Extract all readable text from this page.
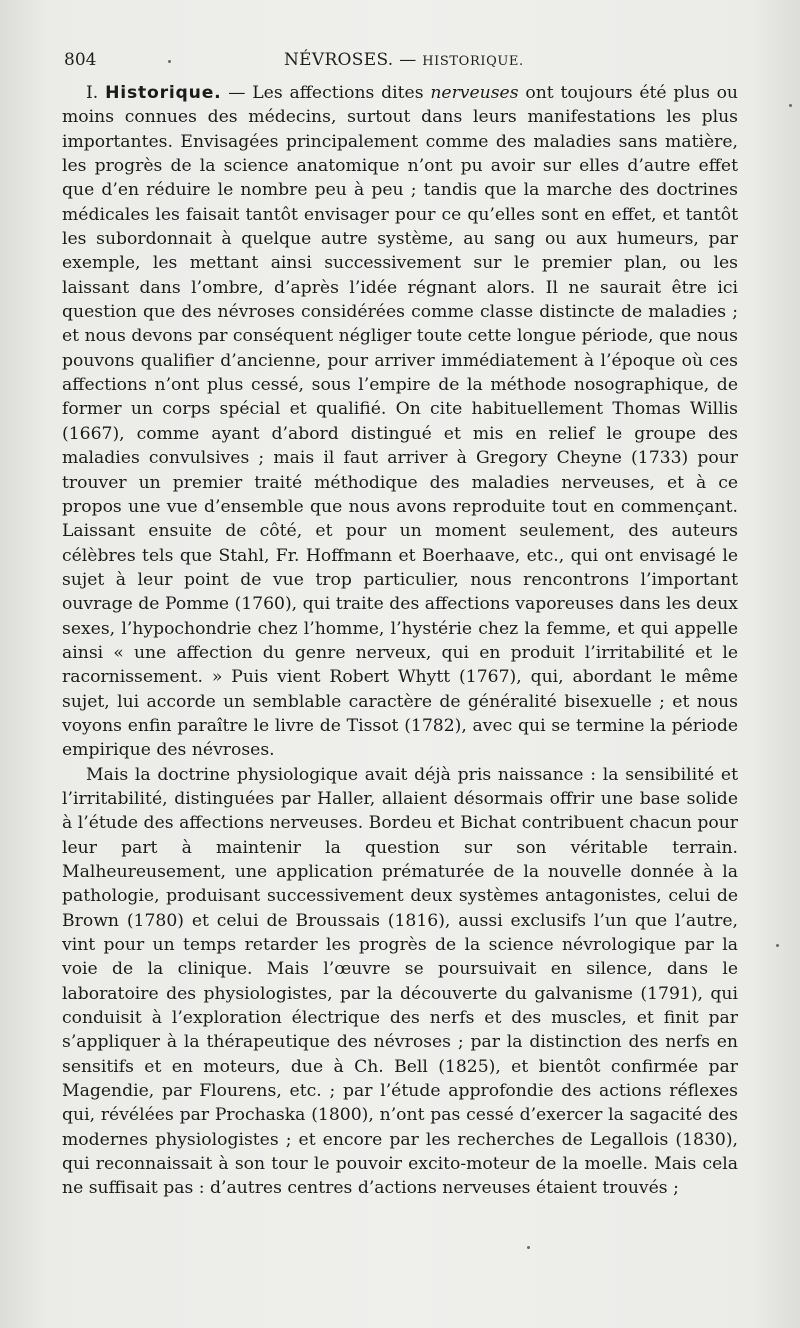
804	NÉVROSES. — HISTORIQUE.

I. Historique. — Les affections dites nerveuses ont toujours été plus ou moins connues des médecins, surtout dans leurs manifestations les plus importantes. Envisagées principalement comme des maladies sans matière, les progrès de la science anatomique n’ont pu avoir sur elles d’autre effet que d’en réduire le nombre peu à peu ; tandis que la marche des doctrines médicales les faisait tantôt envisager pour ce qu’elles sont en effet, et tantôt les subordonnait à quelque autre système, au sang ou aux humeurs, par exemple, les mettant ainsi successivement sur le premier plan, ou les laissant dans l’ombre, d’après l’idée régnant alors. Il ne saurait être ici question que des névroses considérées comme classe distincte de maladies ; et nous devons par conséquent négliger toute cette longue période, que nous pouvons qualifier d’ancienne, pour arriver immédiatement à l’époque où ces affections n’ont plus cessé, sous l’empire de la méthode nosographique, de former un corps spécial et qualifié. On cite habituellement Thomas Willis (1667), comme ayant d’abord distingué et mis en relief le groupe des maladies convulsives ; mais il faut arriver à Gregory Cheyne (1733) pour trouver un premier traité méthodique des maladies nerveuses, et à ce propos une vue d’ensemble que nous avons reproduite tout en commençant. Laissant ensuite de côté, et pour un moment seulement, des auteurs célèbres tels que Stahl, Fr. Hoffmann et Boerhaave, etc., qui ont envisagé le sujet à leur point de vue trop particulier, nous rencontrons l’important ouvrage de Pomme (1760), qui traite des affections vaporeuses dans les deux sexes, l’hypochondrie chez l’homme, l’hystérie chez la femme, et qui appelle ainsi « une affection du genre nerveux, qui en produit l’irritabilité et le racornissement. » Puis vient Robert Whytt (1767), qui, abordant le même sujet, lui accorde un semblable caractère de généralité bisexuelle ; et nous voyons enfin paraître le livre de Tissot (1782), avec qui se termine la période empirique des névroses.

Mais la doctrine physiologique avait déjà pris naissance : la sensibilité et l’irritabilité, distinguées par Haller, allaient désormais offrir une base solide à l’étude des affections nerveuses. Bordeu et Bichat contribuent chacun pour leur part à maintenir la question sur son véritable terrain. Malheureusement, une application prématurée de la nouvelle donnée à la pathologie, produisant successivement deux systèmes antagonistes, celui de Brown (1780) et celui de Broussais (1816), aussi exclusifs l’un que l’autre, vint pour un temps retarder les progrès de la science névrologique par la voie de la clinique. Mais l’œuvre se poursuivait en silence, dans le laboratoire des physiologistes, par la découverte du galvanisme (1791), qui conduisit à l’exploration électrique des nerfs et des muscles, et finit par s’appliquer à la thérapeutique des névroses ; par la distinction des nerfs en sensitifs et en moteurs, due à Ch. Bell (1825), et bientôt confirmée par Magendie, par Flourens, etc. ; par l’étude approfondie des actions réflexes qui, révélées par Prochaska (1800), n’ont pas cessé d’exercer la sagacité des modernes physiologistes ; et encore par les recherches de Legallois (1830), qui reconnaissait à son tour le pouvoir excito-moteur de la moelle. Mais cela ne suffisait pas : d’autres centres d’actions nerveuses étaient trouvés ;
